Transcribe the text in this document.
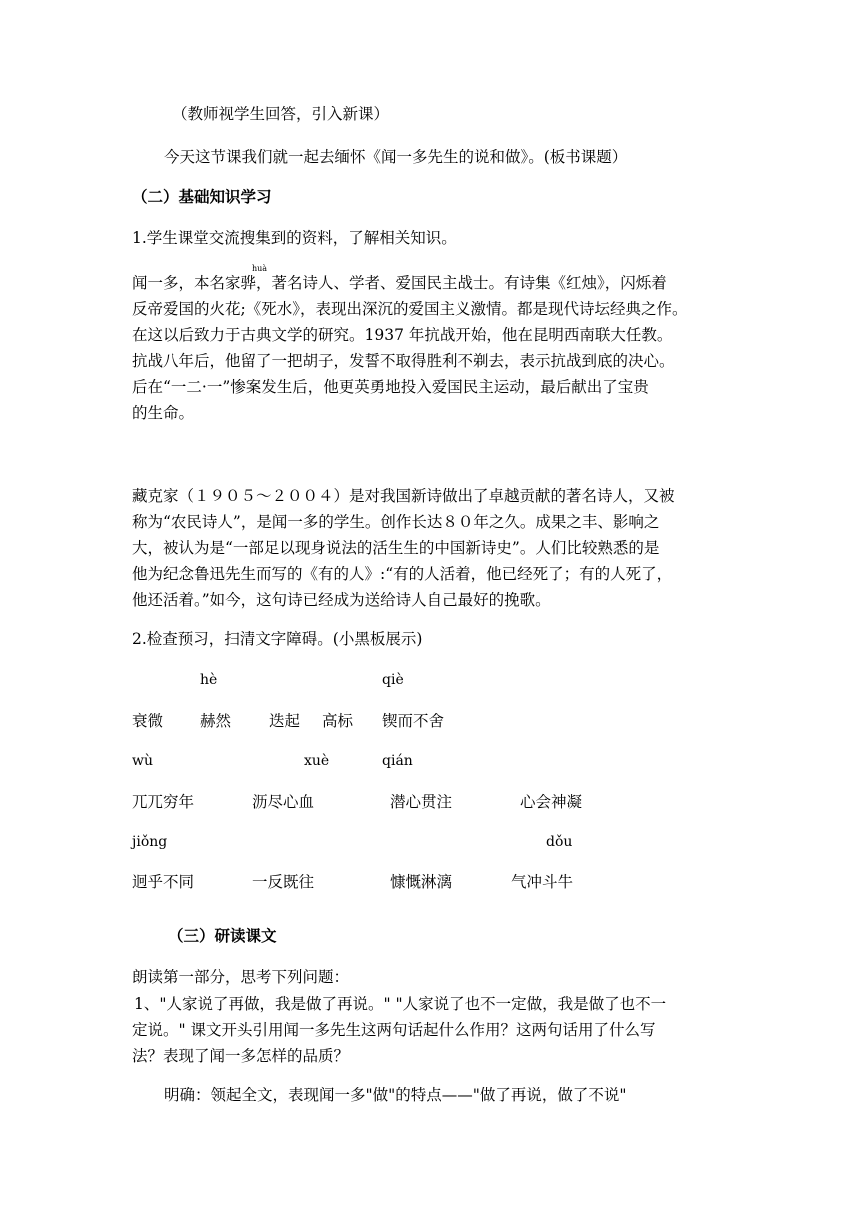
（教师视学生回答，引入新课）
今天这节课我们就一起去缅怀《闻一多先生的说和做》。(板书课题）
（二）基础知识学习
1.学生课堂交流搜集到的资料，了解相关知识。
huà
闻一多，本名家骅，著名诗人、学者、爱国民主战士。有诗集《红烛》，闪烁着
反帝爱国的火花;《死水》，表现出深沉的爱国主义激情。都是现代诗坛经典之作。
在这以后致力于古典文学的研究。1937 年抗战开始，他在昆明西南联大任教。
抗战八年后，他留了一把胡子，发誓不取得胜利不剃去，表示抗战到底的决心。
后在“一二·一”惨案发生后，他更英勇地投入爱国民主运动，最后献出了宝贵
的生命。
藏克家（１９０５～２００４）是对我国新诗做出了卓越贡献的著名诗人，又被
称为“农民诗人”，是闻一多的学生。创作长达８０年之久。成果之丰、影响之
大，被认为是“一部足以现身说法的活生生的中国新诗史”。人们比较熟悉的是
他为纪念鲁迅先生而写的《有的人》:“有的人活着，他已经死了；有的人死了，
他还活着。”如今，这句诗已经成为送给诗人自己最好的挽歌。
2.检查预习，扫清文字障碍。(小黑板展示)
hè	qiè
衰微 赫然 迭起 高标 锲而不舍
wù	xuè	qián
兀兀穷年	沥尽心血	潜心贯注	心会神凝
jiǒng	dǒu
迥乎不同	一反既往	慷慨淋漓	气冲斗牛
（三）研读课文
朗读第一部分，思考下列问题：
1、"人家说了再做，我是做了再说。" "人家说了也不一定做，我是做了也不一
定说。" 课文开头引用闻一多先生这两句话起什么作用？这两句话用了什么写
法？表现了闻一多怎样的品质？
明确：领起全文，表现闻一多"做"的特点——"做了再说，做了不说"
